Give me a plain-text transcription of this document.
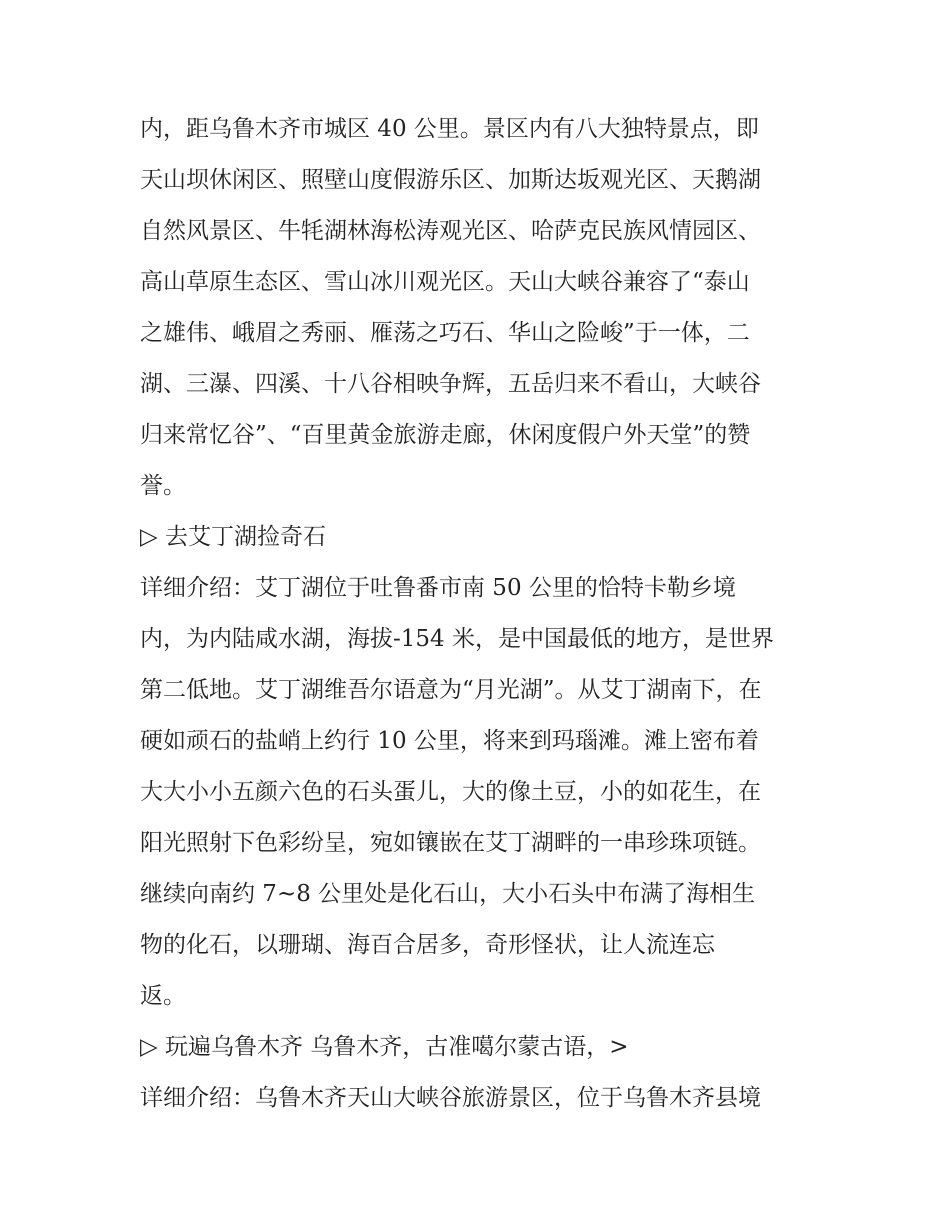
内，距乌鲁木齐市城区 40 公里。景区内有八大独特景点，即
天山坝休闲区、照壁山度假游乐区、加斯达坂观光区、天鹅湖
自然风景区、牛牦湖林海松涛观光区、哈萨克民族风情园区、
高山草原生态区、雪山冰川观光区。天山大峡谷兼容了“泰山
之雄伟、峨眉之秀丽、雁荡之巧石、华山之险峻”于一体，二
湖、三瀑、四溪、十八谷相映争辉，五岳归来不看山，大峡谷
归来常忆谷”、“百里黄金旅游走廊，休闲度假户外天堂”的赞
誉。
▷ 去艾丁湖捡奇石
详细介绍：艾丁湖位于吐鲁番市南 50 公里的恰特卡勒乡境
内，为内陆咸水湖，海拔-154 米，是中国最低的地方，是世界
第二低地。艾丁湖维吾尔语意为“月光湖”。从艾丁湖南下，在
硬如顽石的盐峭上约行 10 公里，将来到玛瑙滩。滩上密布着
大大小小五颜六色的石头蛋儿，大的像土豆，小的如花生，在
阳光照射下色彩纷呈，宛如镶嵌在艾丁湖畔的一串珍珠项链。
继续向南约 7~8 公里处是化石山，大小石头中布满了海相生
物的化石，以珊瑚、海百合居多，奇形怪状，让人流连忘
返。
▷ 玩遍乌鲁木齐 乌鲁木齐，古准噶尔蒙古语，>
详细介绍：乌鲁木齐天山大峡谷旅游景区，位于乌鲁木齐县境
